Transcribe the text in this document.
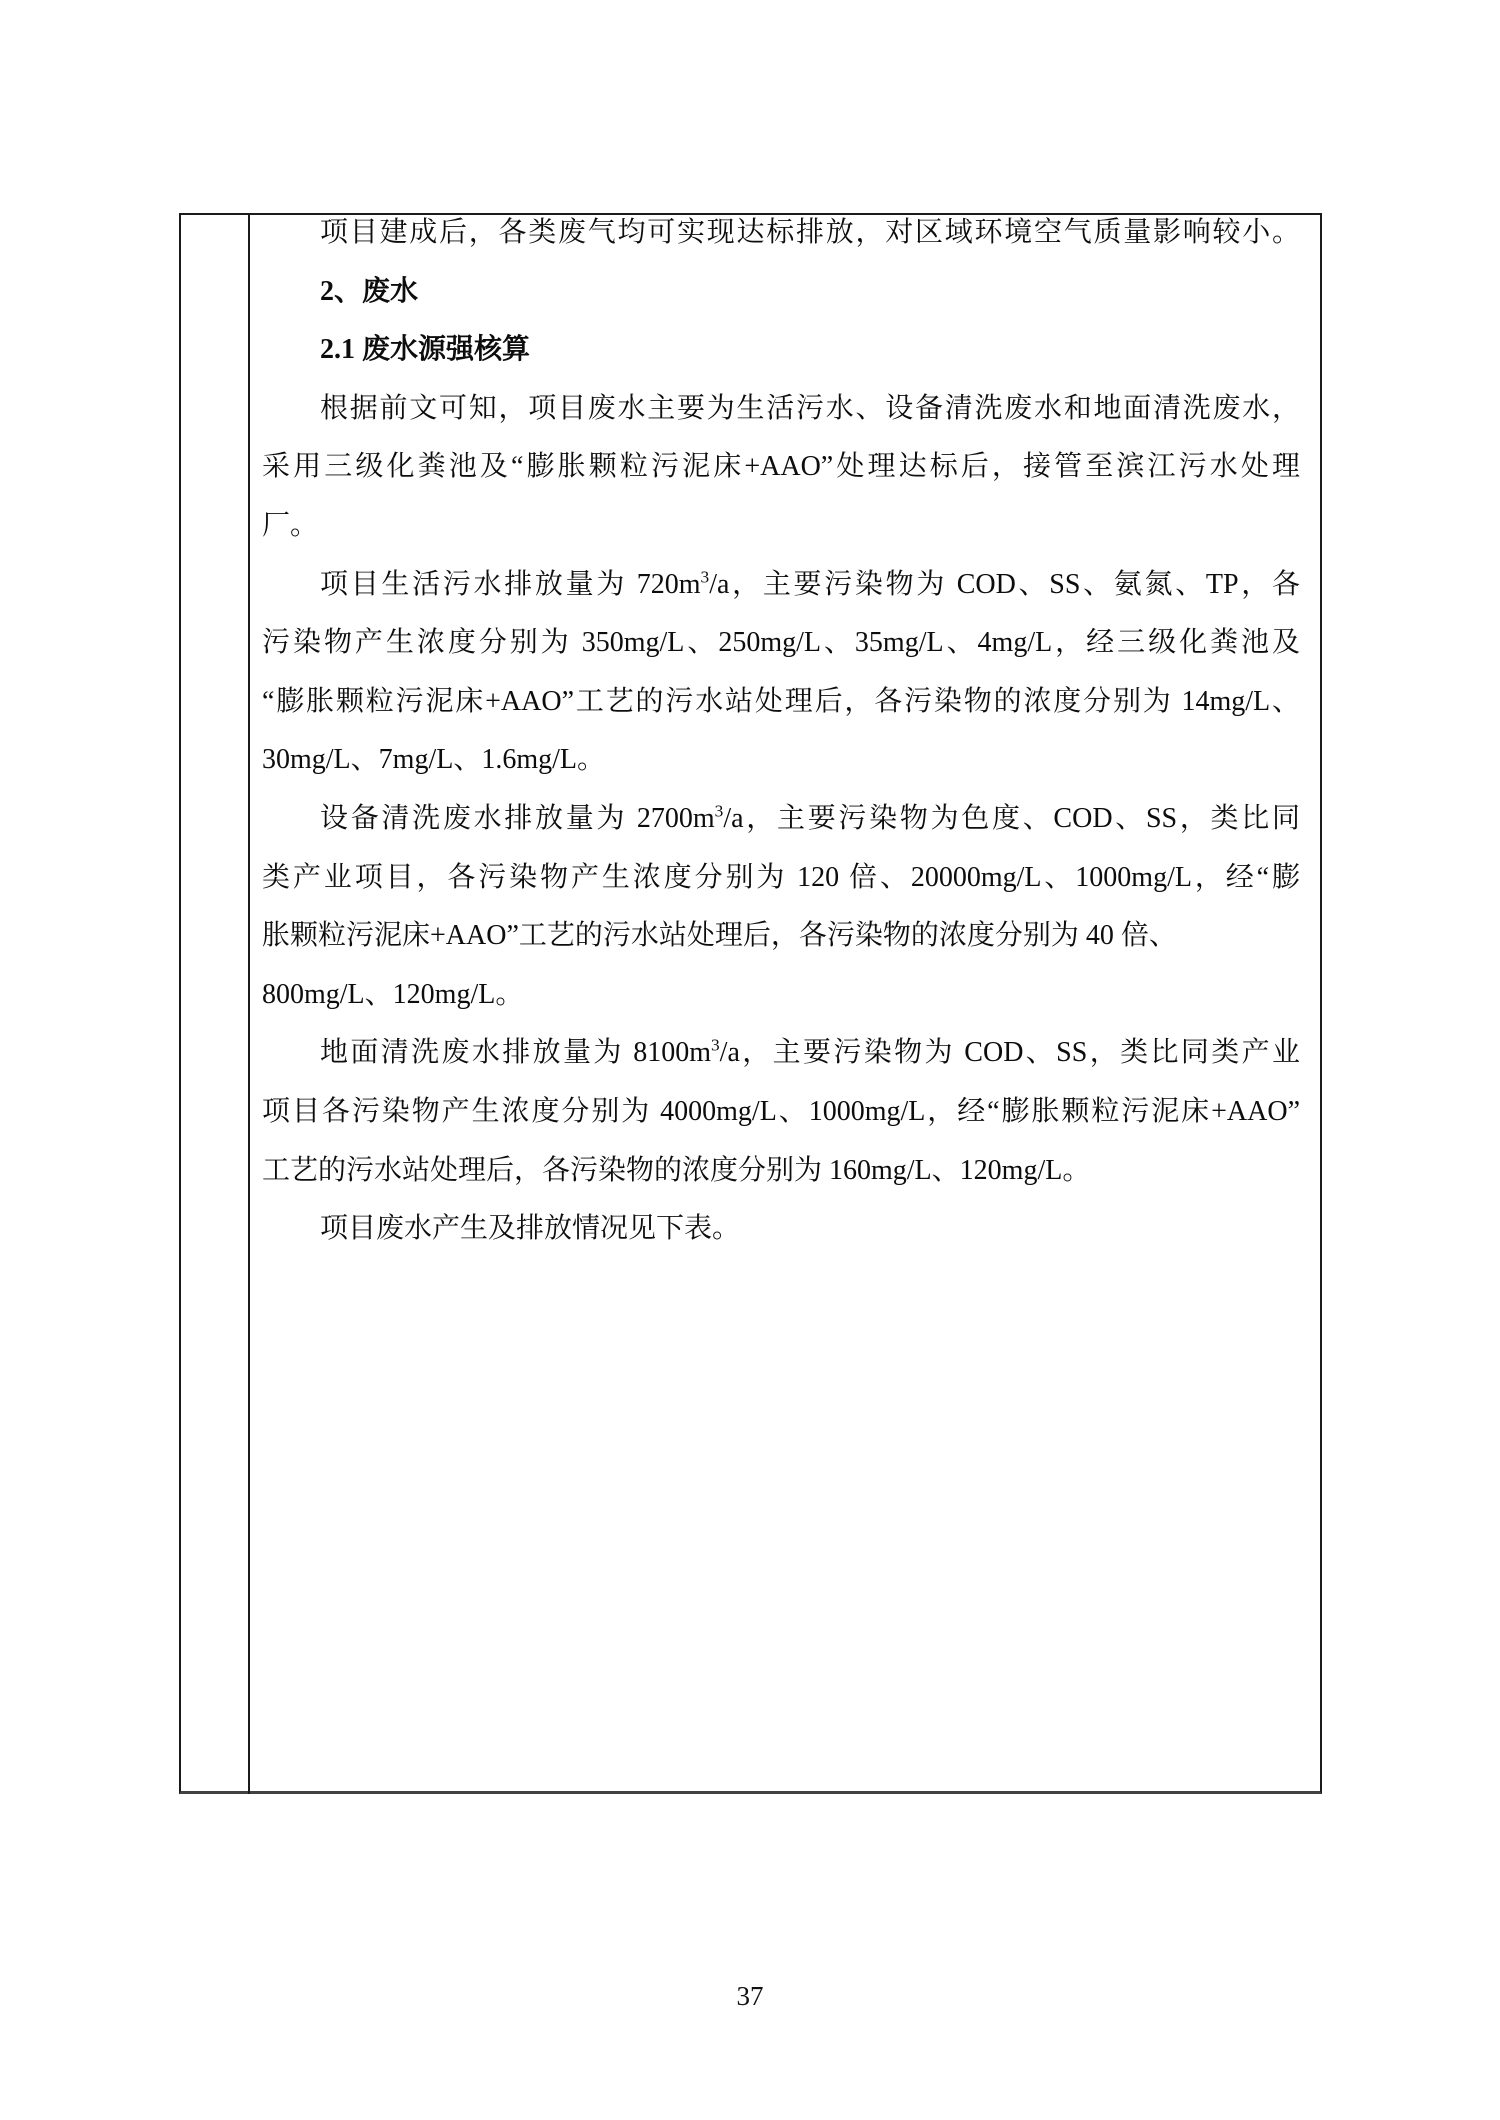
项目建成后，各类废气均可实现达标排放，对区域环境空气质量影响较小。
2、废水
2.1 废水源强核算
根据前文可知，项目废水主要为生活污水、设备清洗废水和地面清洗废水，
采用三级化粪池及“膨胀颗粒污泥床+AAO”处理达标后，接管至滨江污水处理
厂。
项目生活污水排放量为 $720m^3/a$，主要污染物为 COD、SS、氨氮、TP，各
污染物产生浓度分别为 350mg/L、250mg/L、35mg/L、4mg/L，经三级化粪池及
“膨胀颗粒污泥床+AAO”工艺的污水站处理后，各污染物的浓度分别为 14mg/L、
30mg/L、7mg/L、1.6mg/L。
设备清洗废水排放量为 $2700m^3/a$，主要污染物为色度、COD、SS，类比同
类产业项目，各污染物产生浓度分别为 120 倍、20000mg/L、1000mg/L，经“膨
胀颗粒污泥床+AAO”工艺的污水站处理后，各污染物的浓度分别为 40 倍、
800mg/L、120mg/L。
地面清洗废水排放量为 $8100m^3/a$，主要污染物为 COD、SS，类比同类产业
项目各污染物产生浓度分别为 4000mg/L、1000mg/L，经“膨胀颗粒污泥床+AAO”
工艺的污水站处理后，各污染物的浓度分别为 160mg/L、120mg/L。
项目废水产生及排放情况见下表。
37
